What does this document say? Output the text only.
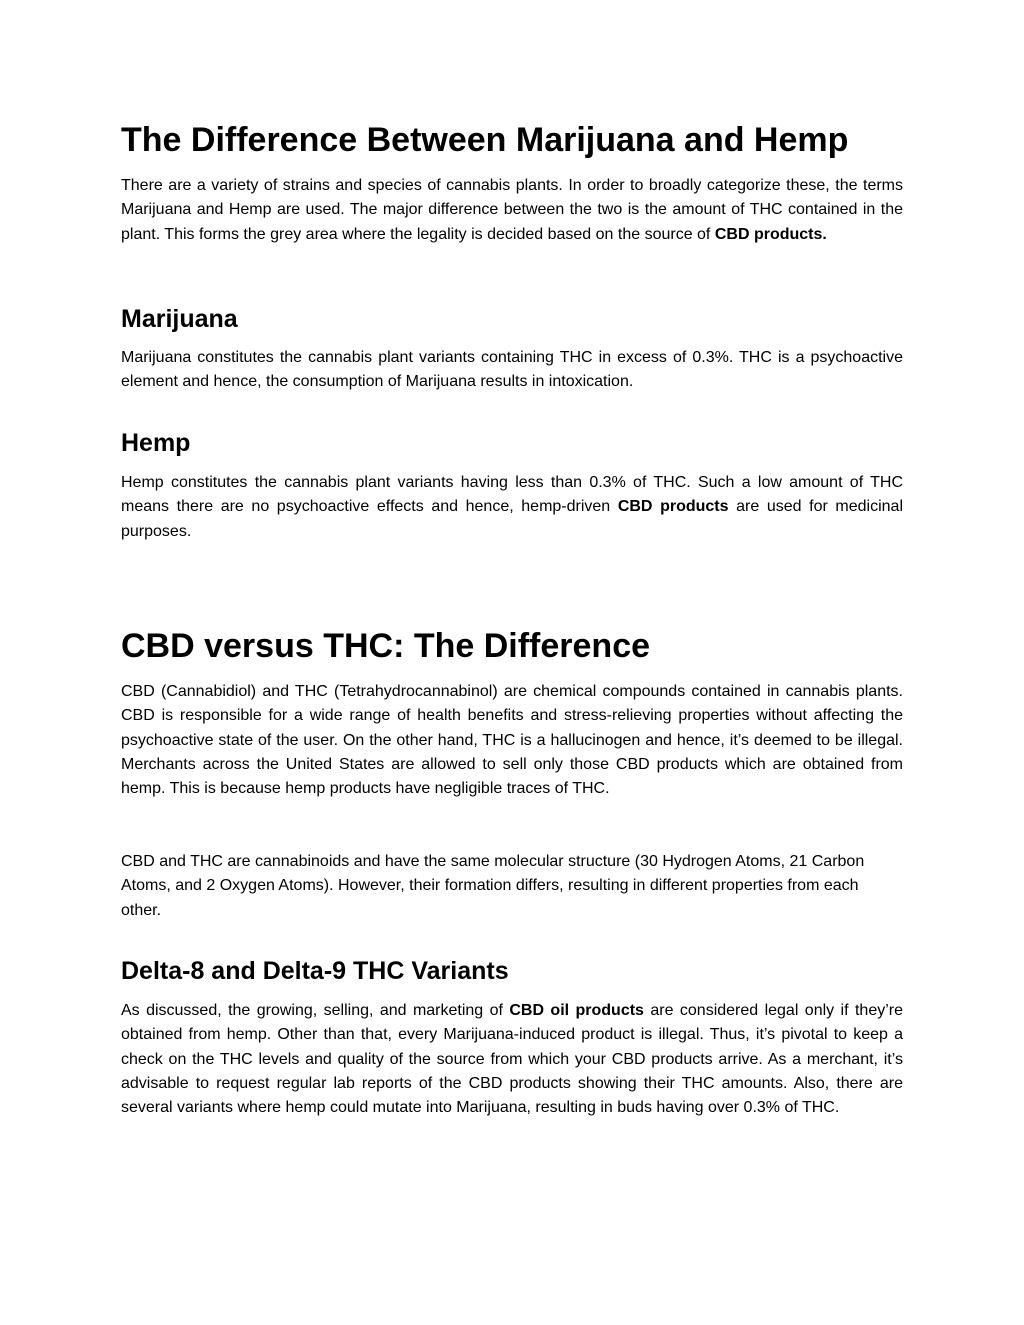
The Difference Between Marijuana and Hemp

There are a variety of strains and species of cannabis plants. In order to broadly categorize these, the terms Marijuana and Hemp are used. The major difference between the two is the amount of THC contained in the plant. This forms the grey area where the legality is decided based on the source of CBD products.

Marijuana

Marijuana constitutes the cannabis plant variants containing THC in excess of 0.3%. THC is a psychoactive element and hence, the consumption of Marijuana results in intoxication.

Hemp

Hemp constitutes the cannabis plant variants having less than 0.3% of THC. Such a low amount of THC means there are no psychoactive effects and hence, hemp-driven CBD products are used for medicinal purposes.

CBD versus THC: The Difference

CBD (Cannabidiol) and THC (Tetrahydrocannabinol) are chemical compounds contained in cannabis plants. CBD is responsible for a wide range of health benefits and stress-relieving properties without affecting the psychoactive state of the user. On the other hand, THC is a hallucinogen and hence, it’s deemed to be illegal. Merchants across the United States are allowed to sell only those CBD products which are obtained from hemp. This is because hemp products have negligible traces of THC.

CBD and THC are cannabinoids and have the same molecular structure (30 Hydrogen Atoms, 21 Carbon Atoms, and 2 Oxygen Atoms). However, their formation differs, resulting in different properties from each other.

Delta-8 and Delta-9 THC Variants

As discussed, the growing, selling, and marketing of CBD oil products are considered legal only if they’re obtained from hemp. Other than that, every Marijuana-induced product is illegal. Thus, it’s pivotal to keep a check on the THC levels and quality of the source from which your CBD products arrive. As a merchant, it’s advisable to request regular lab reports of the CBD products showing their THC amounts. Also, there are several variants where hemp could mutate into Marijuana, resulting in buds having over 0.3% of THC.
